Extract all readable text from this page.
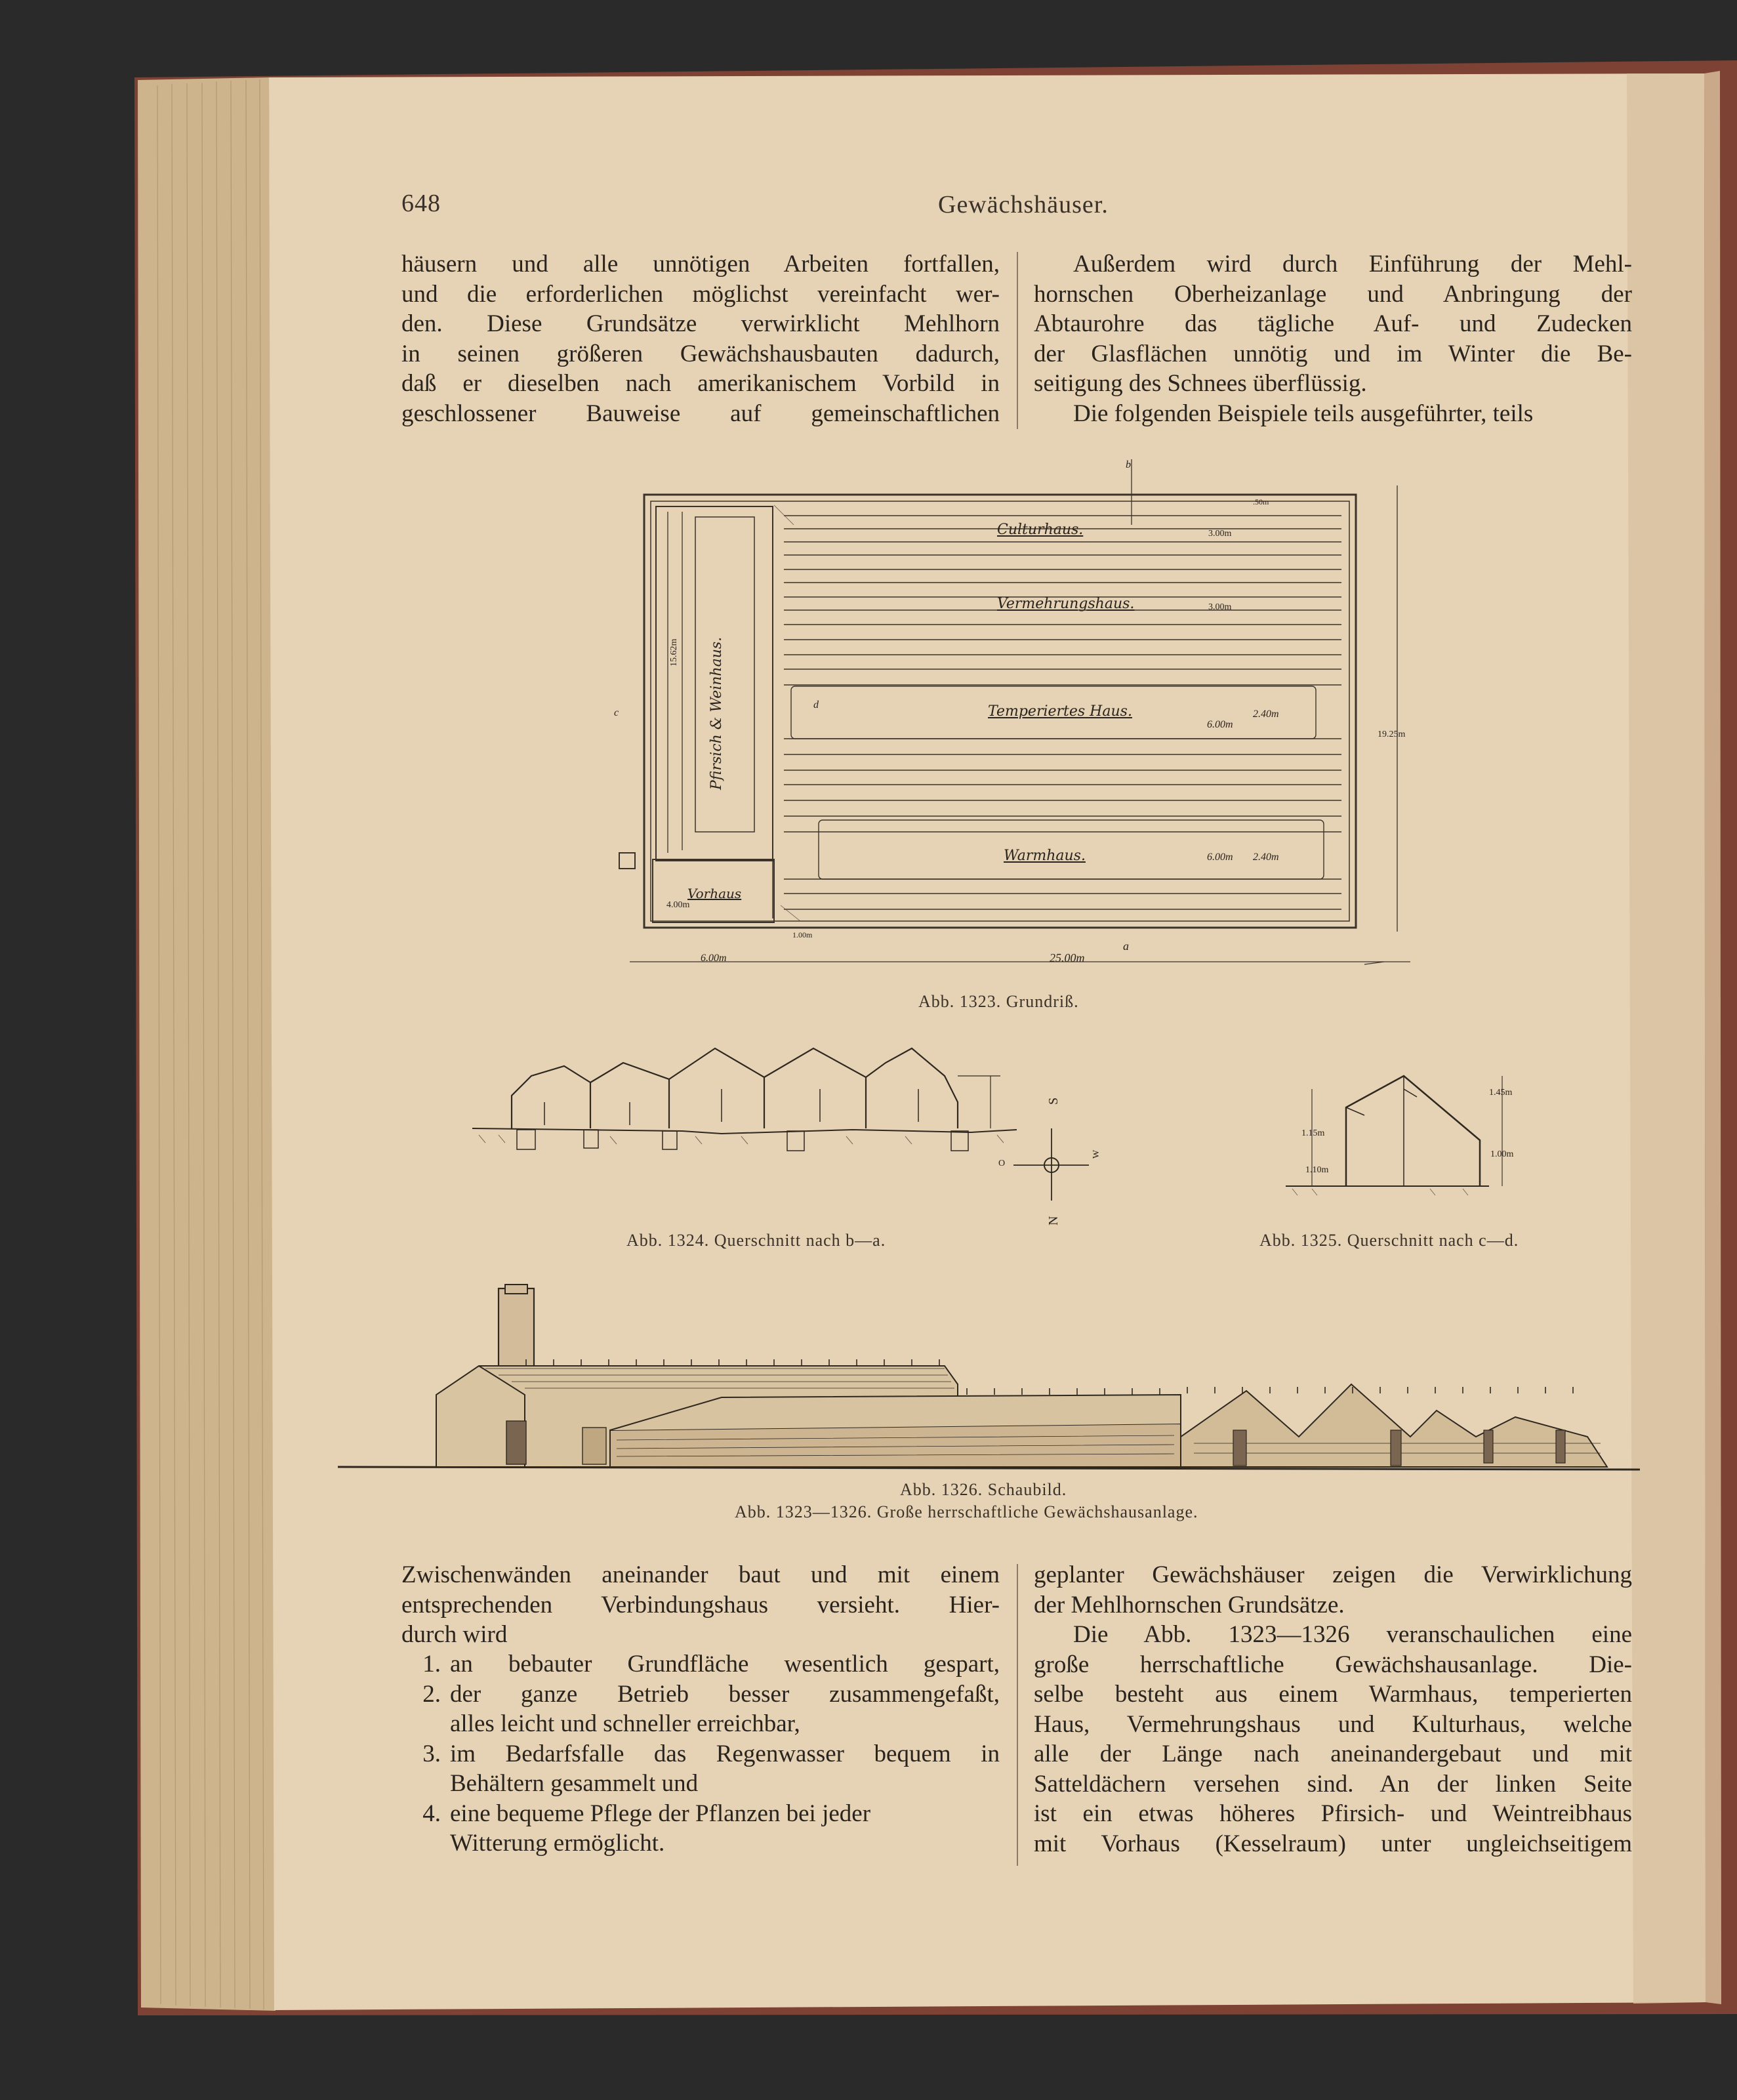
648	Gewächshäuser.
häusern und alle unnötigen Arbeiten fortfallen,
und die erforderlichen möglichst vereinfacht wer-
den. Diese Grundsätze verwirklicht Mehlhorn
in seinen größeren Gewächshausbauten dadurch,
daß er dieselben nach amerikanischem Vorbild in
geschlossener Bauweise auf gemeinschaftlichen
Außerdem wird durch Einführung der Mehl-
hornschen Oberheizanlage und Anbringung der
Abtaurohre das tägliche Auf- und Zudecken
der Glasflächen unnötig und im Winter die Be-
seitigung des Schnees überflüssig.
Die folgenden Beispiele teils ausgeführter, teils
Culturhaus.
Vermehrungshaus.
Temperiertes Haus.
Warmhaus.
Pfirsich & Weinhaus.
Vorhaus
4.00m
3.00m
3.00m
6.00m
6.00m
2.40m
2.40m
19.25m
15.62m
6.00m	25.00m
1.00m
.50m
b
a
c
d
Abb. 1323. Grundriß.
S
N
O
W
1.45m
1.15m
1.00m
1.10m
Abb. 1324. Querschnitt nach b—a.	Abb. 1325. Querschnitt nach c—d.
Abb. 1326. Schaubild.
Abb. 1323—1326. Große herrschaftliche Gewächshausanlage.
Zwischenwänden aneinander baut und mit einem
entsprechenden Verbindungshaus versieht. Hier-
durch wird
1. an bebauter Grundfläche wesentlich gespart,
2. der ganze Betrieb besser zusammengefaßt,
alles leicht und schneller erreichbar,
3. im Bedarfsfalle das Regenwasser bequem in
Behältern gesammelt und
4. eine bequeme Pflege der Pflanzen bei jeder
Witterung ermöglicht.
geplanter Gewächshäuser zeigen die Verwirklichung
der Mehlhornschen Grundsätze.
Die Abb. 1323—1326 veranschaulichen eine
große herrschaftliche Gewächshausanlage. Die-
selbe besteht aus einem Warmhaus, temperierten
Haus, Vermehrungshaus und Kulturhaus, welche
alle der Länge nach aneinandergebaut und mit
Satteldächern versehen sind. An der linken Seite
ist ein etwas höheres Pfirsich- und Weintreibhaus
mit Vorhaus (Kesselraum) unter ungleichseitigem
